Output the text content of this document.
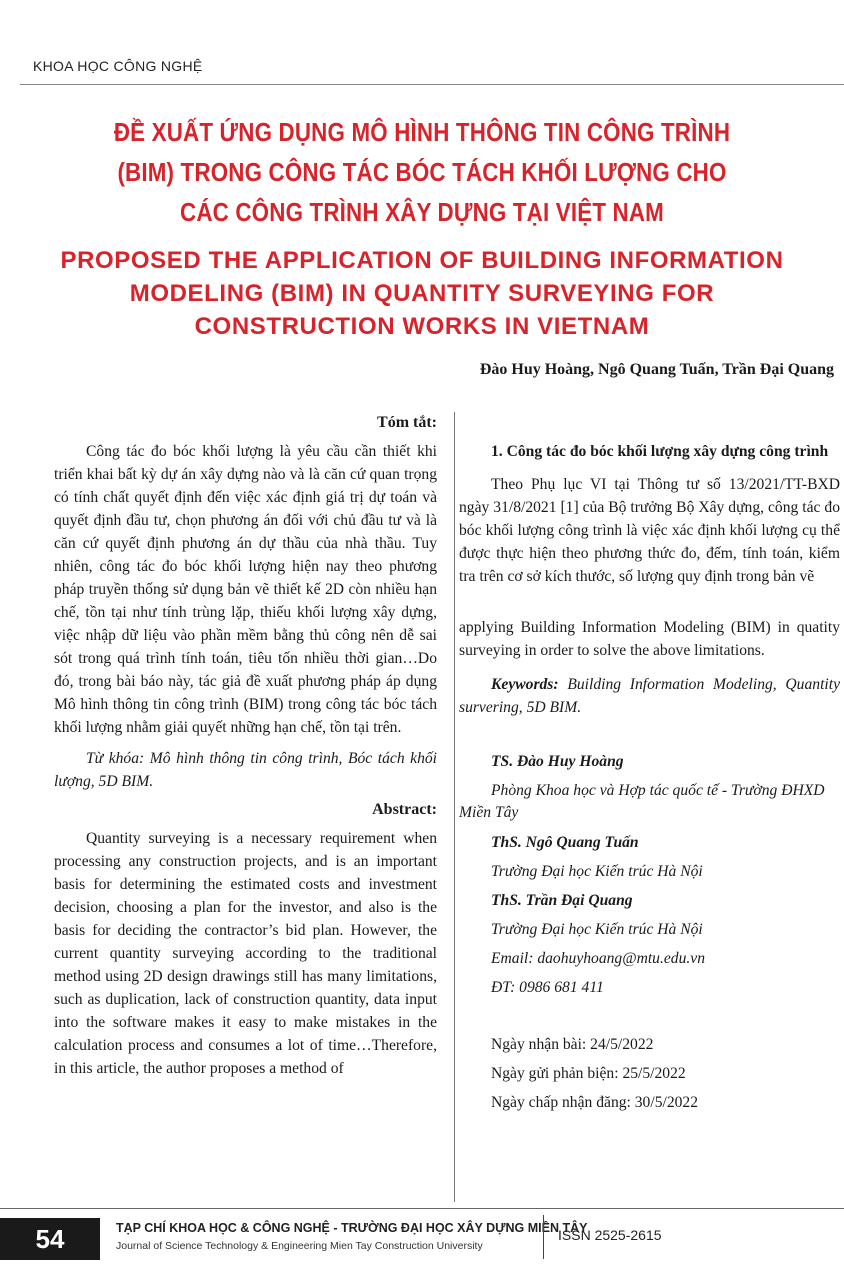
KHOA HỌC CÔNG NGHỆ
ĐỀ XUẤT ỨNG DỤNG MÔ HÌNH THÔNG TIN CÔNG TRÌNH (BIM) TRONG CÔNG TÁC BÓC TÁCH KHỐI LƯỢNG CHO CÁC CÔNG TRÌNH XÂY DỰNG TẠI VIỆT NAM
PROPOSED THE APPLICATION OF BUILDING INFORMATION MODELING (BIM) IN QUANTITY SURVEYING FOR CONSTRUCTION WORKS IN VIETNAM
Đào Huy Hoàng, Ngô Quang Tuấn, Trần Đại Quang
Tóm tắt:

Công tác đo bóc khối lượng là yêu cầu cần thiết khi triển khai bất kỳ dự án xây dựng nào và là căn cứ quan trọng có tính chất quyết định đến việc xác định giá trị dự toán và quyết định đầu tư, chọn phương án đối với chủ đầu tư và là căn cứ quyết định phương án dự thầu của nhà thầu. Tuy nhiên, công tác đo bóc khối lượng hiện nay theo phương pháp truyền thống sử dụng bản vẽ thiết kế 2D còn nhiều hạn chế, tồn tại như tính trùng lặp, thiếu khối lượng xây dựng, việc nhập dữ liệu vào phần mềm bằng thủ công nên dễ sai sót trong quá trình tính toán, tiêu tốn nhiều thời gian…Do đó, trong bài báo này, tác giả đề xuất phương pháp áp dụng Mô hình thông tin công trình (BIM) trong công tác bóc tách khối lượng nhằm giải quyết những hạn chế, tồn tại trên.

Từ khóa: Mô hình thông tin công trình, Bóc tách khối lượng, 5D BIM.

Abstract:

Quantity surveying is a necessary requirement when processing any construction projects, and is an important basis for determining the estimated costs and investment decision, choosing a plan for the investor, and also is the basis for deciding the contractor’s bid plan. However, the current quantity surveying according to the traditional method using 2D design drawings still has many limitations, such as duplication, lack of construction quantity, data input into the software makes it easy to make mistakes in the calculation process and consumes a lot of time…Therefore, in this article, the author proposes a method of

1. Công tác đo bóc khối lượng xây dựng công trình

Theo Phụ lục VI tại Thông tư số 13/2021/TT-BXD ngày 31/8/2021 [1] của Bộ trưởng Bộ Xây dựng, công tác đo bóc khối lượng công trình là việc xác định khối lượng cụ thể được thực hiện theo phương thức đo, đếm, tính toán, kiểm tra trên cơ sở kích thước, số lượng quy định trong bản vẽ

applying Building Information Modeling (BIM) in quatity surveying in order to solve the above limitations.

Keywords: Building Information Modeling, Quantity survering, 5D BIM.

TS. Đào Huy Hoàng

Phòng Khoa học và Hợp tác quốc tế - Trường ĐHXD Miền Tây

ThS. Ngô Quang Tuấn

Trường Đại học Kiến trúc Hà Nội

ThS. Trần Đại Quang

Trường Đại học Kiến trúc Hà Nội

Email: daohuyhoang@mtu.edu.vn

ĐT: 0986 681 411

Ngày nhận bài: 24/5/2022

Ngày gửi phản biện: 25/5/2022

Ngày chấp nhận đăng: 30/5/2022

54	TẠP CHÍ KHOA HỌC & CÔNG NGHỆ - TRƯỜNG ĐẠI HỌC XÂY DỰNG MIỀN TÂY
Journal of Science Technology & Engineering Mien Tay Construction University
ISSN 2525-2615
